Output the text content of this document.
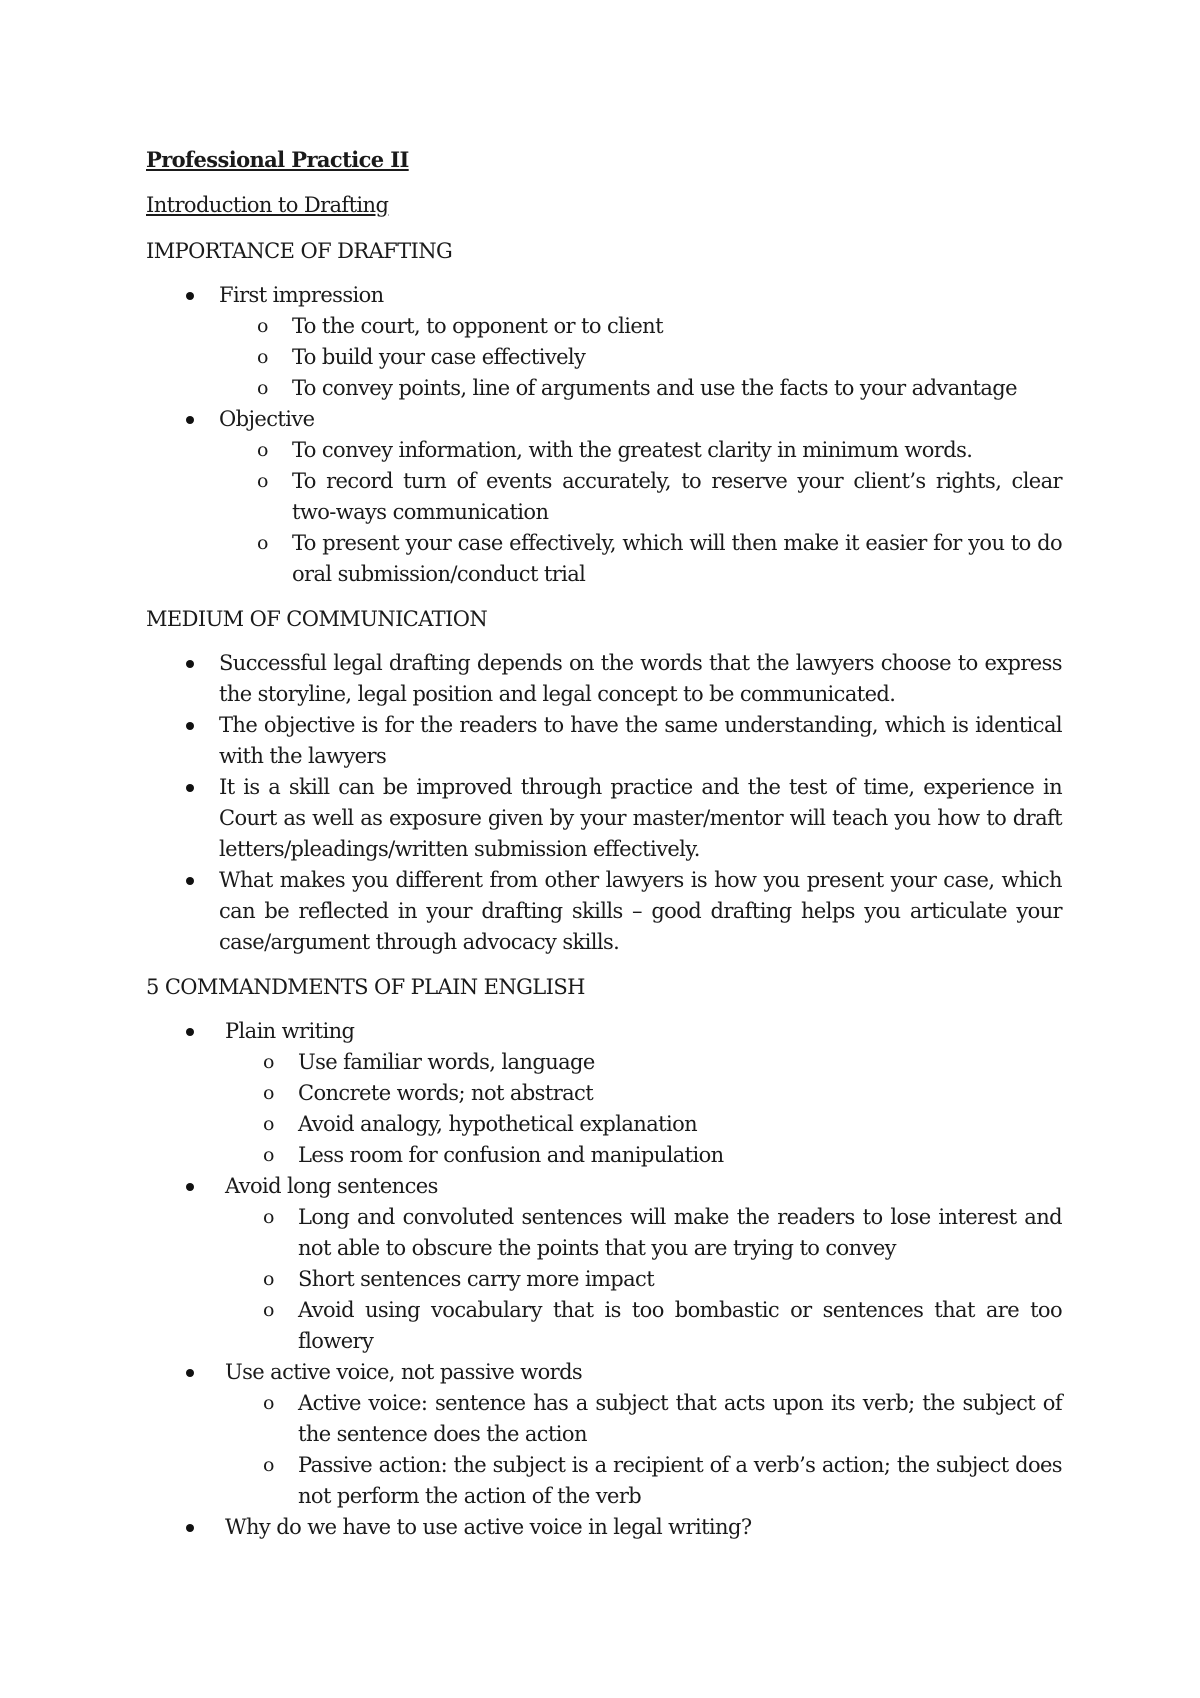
Professional Practice II
Introduction to Drafting
IMPORTANCE OF DRAFTING
First impression
o To the court, to opponent or to client
o To build your case effectively
o To convey points, line of arguments and use the facts to your advantage
Objective
o To convey information, with the greatest clarity in minimum words.
o To record turn of events accurately, to reserve your client’s rights, clear two-ways communication
o To present your case effectively, which will then make it easier for you to do oral submission/conduct trial
MEDIUM OF COMMUNICATION
Successful legal drafting depends on the words that the lawyers choose to express the storyline, legal position and legal concept to be communicated.
The objective is for the readers to have the same understanding, which is identical with the lawyers
It is a skill can be improved through practice and the test of time, experience in Court as well as exposure given by your master/mentor will teach you how to draft letters/pleadings/written submission effectively.
What makes you different from other lawyers is how you present your case, which can be reflected in your drafting skills – good drafting helps you articulate your case/argument through advocacy skills.
5 COMMANDMENTS OF PLAIN ENGLISH
Plain writing
o Use familiar words, language
o Concrete words; not abstract
o Avoid analogy, hypothetical explanation
o Less room for confusion and manipulation
Avoid long sentences
o Long and convoluted sentences will make the readers to lose interest and not able to obscure the points that you are trying to convey
o Short sentences carry more impact
o Avoid using vocabulary that is too bombastic or sentences that are too flowery
Use active voice, not passive words
o Active voice: sentence has a subject that acts upon its verb; the subject of the sentence does the action
o Passive action: the subject is a recipient of a verb’s action; the subject does not perform the action of the verb
Why do we have to use active voice in legal writing?
